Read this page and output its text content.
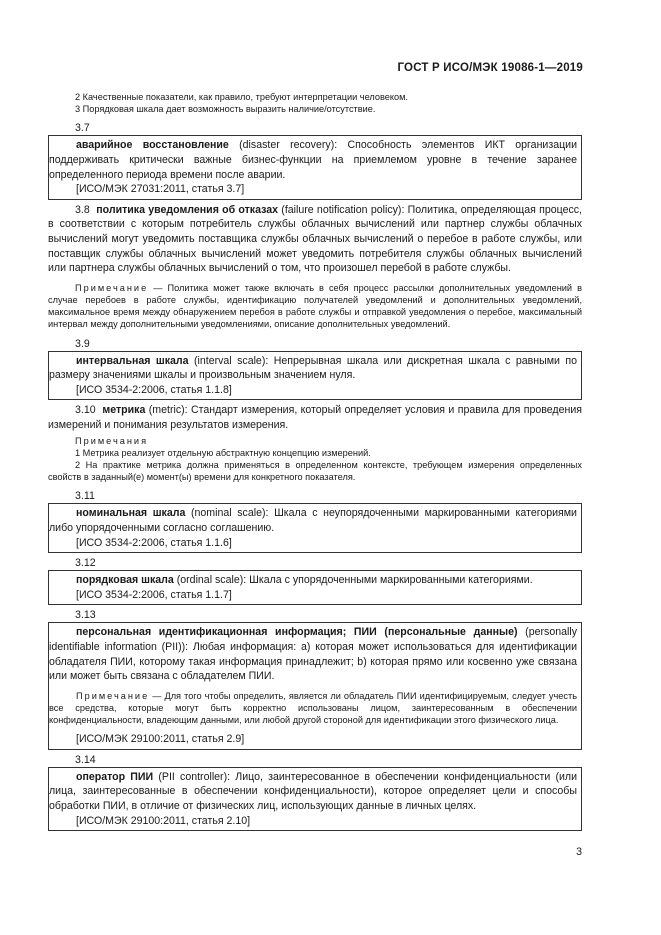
ГОСТ Р ИСО/МЭК 19086-1—2019

2 Качественные показатели, как правило, требуют интерпретации человеком.

3 Порядковая шкала дает возможность выразить наличие/отсутствие.

3.7

аварийное восстановление (disaster recovery): Способность элементов ИКТ организации поддерживать критически важные бизнес-функции на приемлемом уровне в течение заранее определенного периода времени после аварии.

[ИСО/МЭК 27031:2011, статья 3.7]

3.8 политика уведомления об отказах (failure notification policy): Политика, определяющая процесс, в соответствии с которым потребитель службы облачных вычислений или партнер службы облачных вычислений могут уведомить поставщика службы облачных вычислений о перебое в работе службы, или поставщик службы облачных вычислений может уведомить потребителя службы облачных вычислений или партнера службы облачных вычислений о том, что произошел перебой в работе службы.

Примечание — Политика может также включать в себя процесс рассылки дополнительных уведомлений в случае перебоев в работе службы, идентификацию получателей уведомлений и дополнительных уведомлений, максимальное время между обнаружением перебоя в работе службы и отправкой уведомления о перебое, максимальный интервал между дополнительными уведомлениями, описание дополнительных уведомлений.

3.9

интервальная шкала (interval scale): Непрерывная шкала или дискретная шкала с равными по размеру значениями шкалы и произвольным значением нуля.

[ИСО 3534-2:2006, статья 1.1.8]

3.10 метрика (metric): Стандарт измерения, который определяет условия и правила для проведения измерений и понимания результатов измерения.

Примечания

1 Метрика реализует отдельную абстрактную концепцию измерений.

2 На практике метрика должна применяться в определенном контексте, требующем измерения определенных свойств в заданный(е) момент(ы) времени для конкретного показателя.

3.11

номинальная шкала (nominal scale): Шкала с неупорядоченными маркированными категориями либо упорядоченными согласно соглашению.

[ИСО 3534-2:2006, статья 1.1.6]

3.12

порядковая шкала (ordinal scale): Шкала с упорядоченными маркированными категориями.

[ИСО 3534-2:2006, статья 1.1.7]

3.13

персональная идентификационная информация; ПИИ (персональные данные) (personally identifiable information (PII)): Любая информация: a) которая может использоваться для идентификации обладателя ПИИ, которому такая информация принадлежит; b) которая прямо или косвенно уже связана или может быть связана с обладателем ПИИ.

Примечание — Для того чтобы определить, является ли обладатель ПИИ идентифицируемым, следует учесть все средства, которые могут быть корректно использованы лицом, заинтересованным в обеспечении конфиденциальности, владеющим данными, или любой другой стороной для идентификации этого физического лица.

[ИСО/МЭК 29100:2011, статья 2.9]

3.14

оператор ПИИ (PII controller): Лицо, заинтересованное в обеспечении конфиденциальности (или лица, заинтересованные в обеспечении конфиденциальности), которое определяет цели и способы обработки ПИИ, в отличие от физических лиц, использующих данные в личных целях.

[ИСО/МЭК 29100:2011, статья 2.10]

3
